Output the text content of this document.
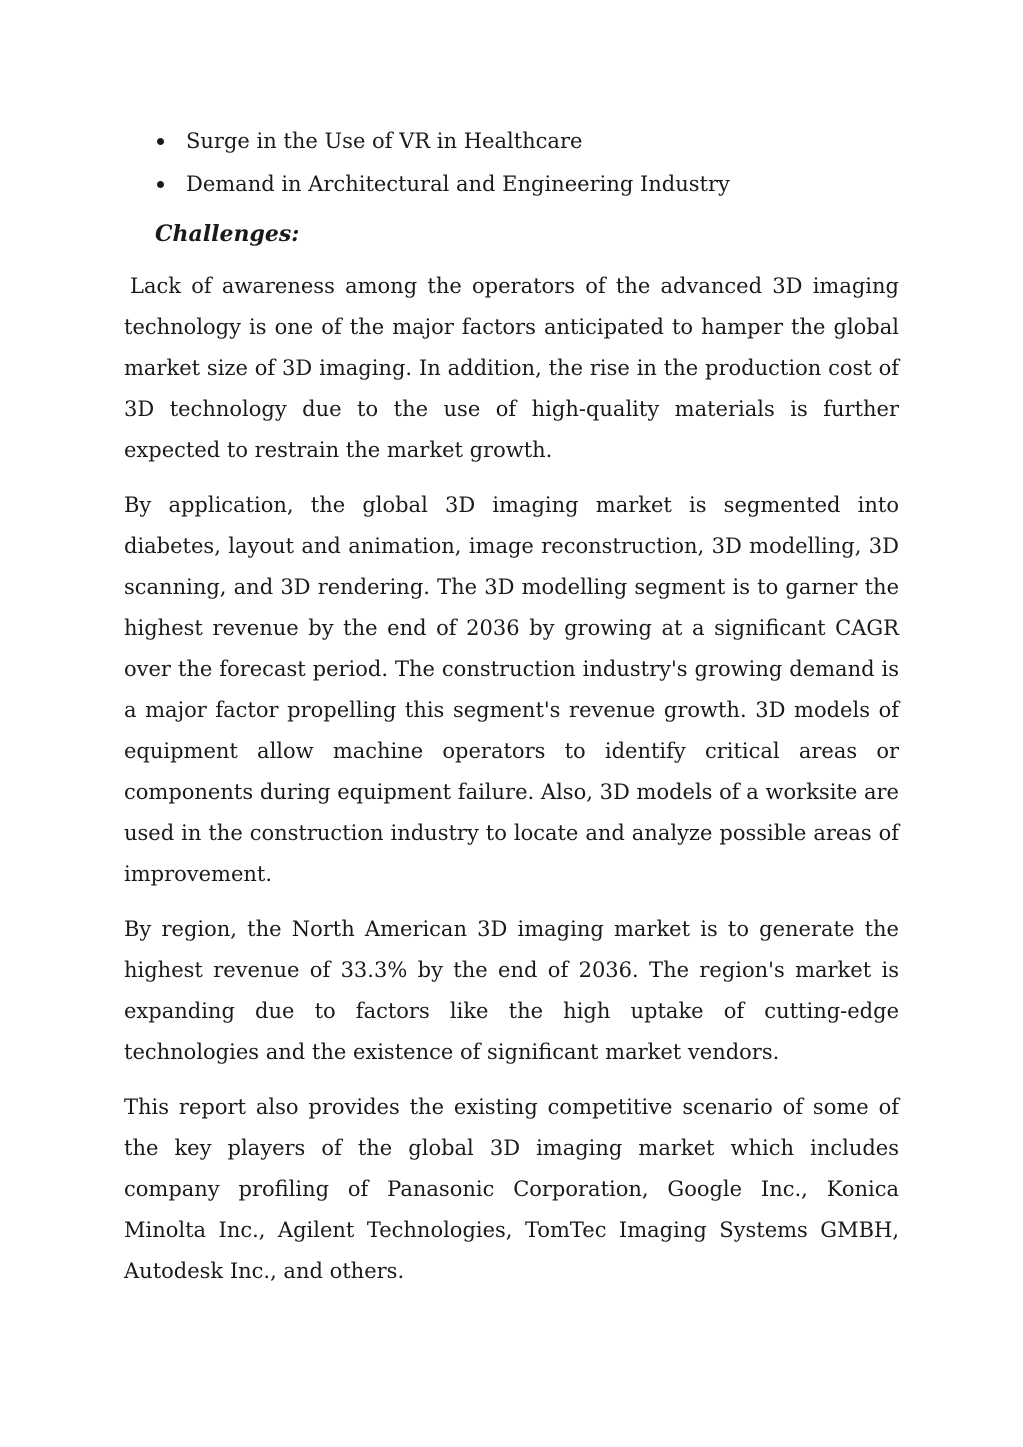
Surge in the Use of VR in Healthcare
Demand in Architectural and Engineering Industry
Challenges:

Lack of awareness among the operators of the advanced 3D imaging technology is one of the major factors anticipated to hamper the global market size of 3D imaging. In addition, the rise in the production cost of 3D technology due to the use of high-quality materials is further expected to restrain the market growth.

By application, the global 3D imaging market is segmented into diabetes, layout and animation, image reconstruction, 3D modelling, 3D scanning, and 3D rendering. The 3D modelling segment is to garner the highest revenue by the end of 2036 by growing at a significant CAGR over the forecast period. The construction industry's growing demand is a major factor propelling this segment's revenue growth. 3D models of equipment allow machine operators to identify critical areas or components during equipment failure. Also, 3D models of a worksite are used in the construction industry to locate and analyze possible areas of improvement.

By region, the North American 3D imaging market is to generate the highest revenue of 33.3% by the end of 2036. The region's market is expanding due to factors like the high uptake of cutting-edge technologies and the existence of significant market vendors.

This report also provides the existing competitive scenario of some of the key players of the global 3D imaging market which includes company profiling of Panasonic Corporation, Google Inc., Konica Minolta Inc., Agilent Technologies, TomTec Imaging Systems GMBH, Autodesk Inc., and others.
